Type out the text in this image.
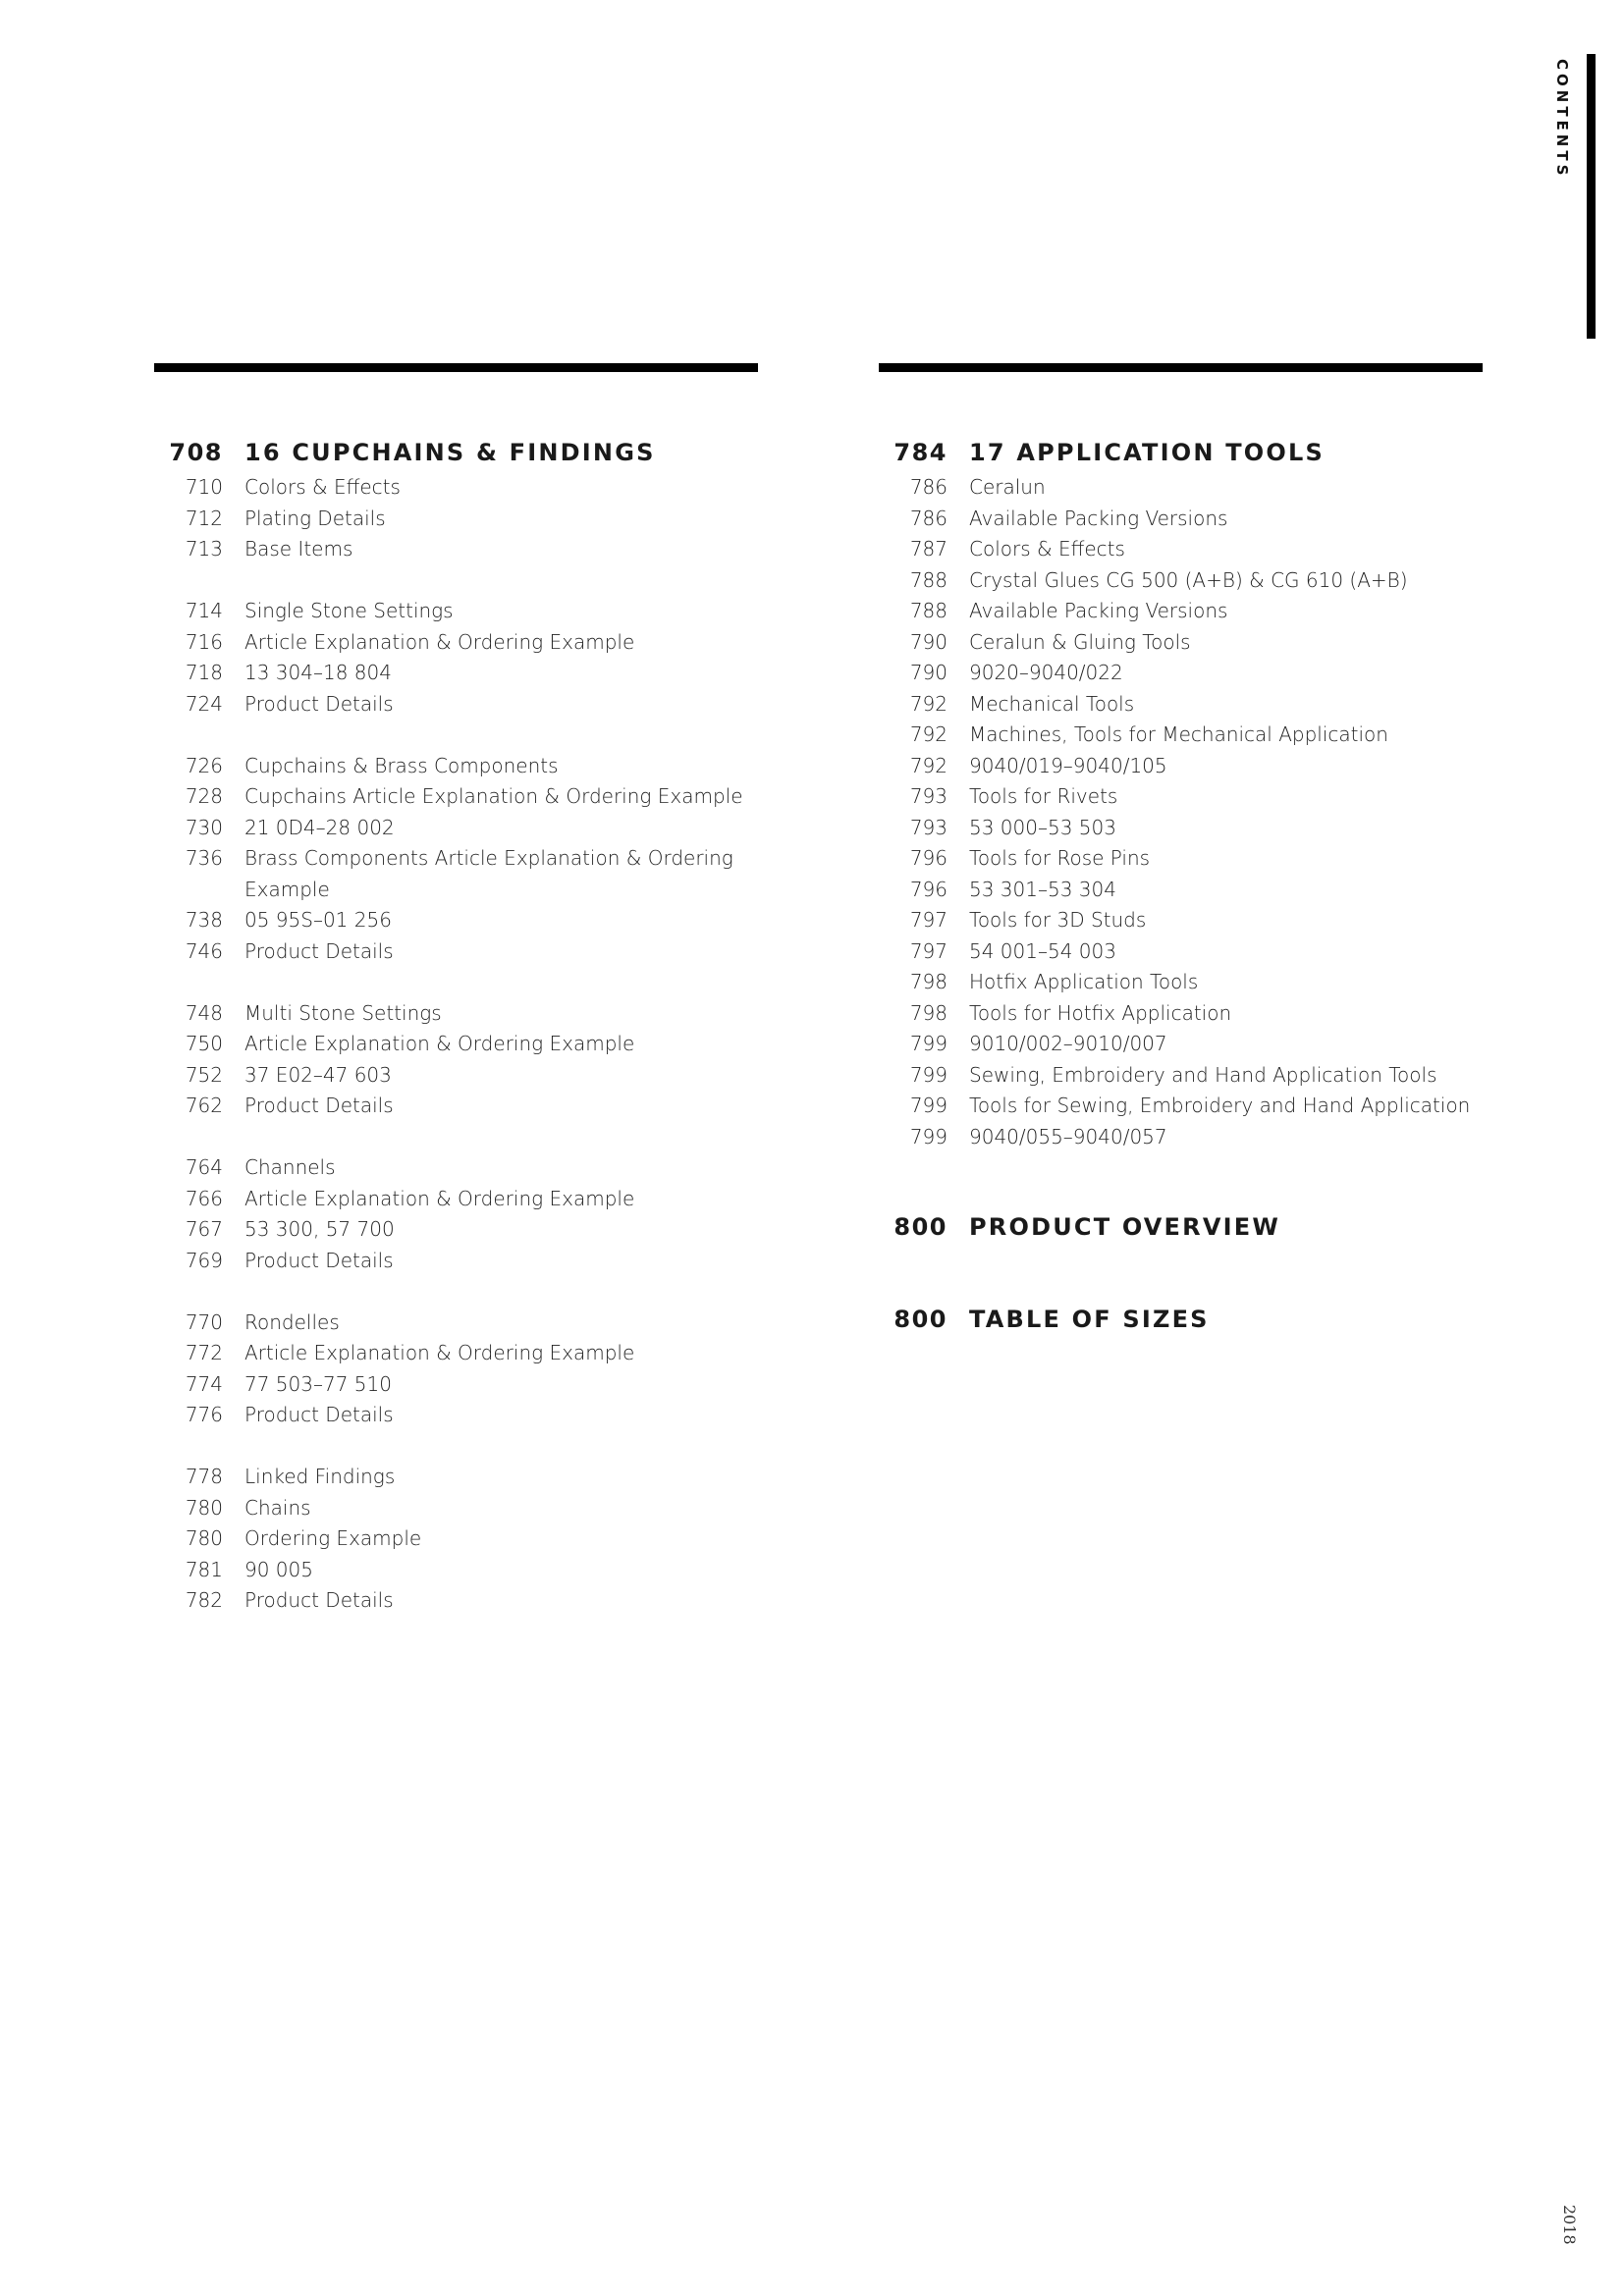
CONTENTS
708 16 CUPCHAINS & FINDINGS
710 Colors & Effects
712 Plating Details
713 Base Items
714 Single Stone Settings
716 Article Explanation & Ordering Example
718 13 304–18 804
724 Product Details
726 Cupchains & Brass Components
728 Cupchains Article Explanation & Ordering Example
730 21 0D4–28 002
736 Brass Components Article Explanation & Ordering Example
738 05 95S–01 256
746 Product Details
748 Multi Stone Settings
750 Article Explanation & Ordering Example
752 37 E02–47 603
762 Product Details
764 Channels
766 Article Explanation & Ordering Example
767 53 300, 57 700
769 Product Details
770 Rondelles
772 Article Explanation & Ordering Example
774 77 503–77 510
776 Product Details
778 Linked Findings
780 Chains
780 Ordering Example
781 90 005
782 Product Details
784 17 APPLICATION TOOLS
786 Ceralun
786 Available Packing Versions
787 Colors & Effects
788 Crystal Glues CG 500 (A+B) & CG 610 (A+B)
788 Available Packing Versions
790 Ceralun & Gluing Tools
790 9020–9040/022
792 Mechanical Tools
792 Machines, Tools for Mechanical Application
792 9040/019–9040/105
793 Tools for Rivets
793 53 000–53 503
796 Tools for Rose Pins
796 53 301–53 304
797 Tools for 3D Studs
797 54 001–54 003
798 Hotfix Application Tools
798 Tools for Hotfix Application
799 9010/002–9010/007
799 Sewing, Embroidery and Hand Application Tools
799 Tools for Sewing, Embroidery and Hand Application
799 9040/055–9040/057
800 PRODUCT OVERVIEW
800 TABLE OF SIZES
2018
